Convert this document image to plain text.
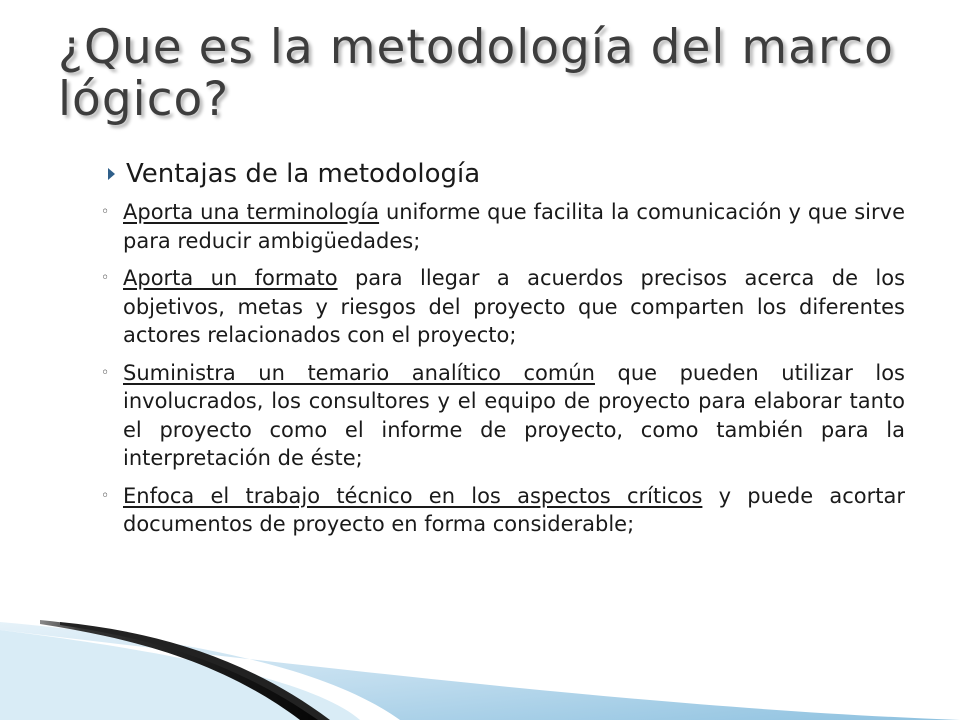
¿Que es la metodología del marco lógico?
Ventajas de la metodología
◦ Aporta una terminología uniforme que facilita la comunicación y que sirve para reducir ambigüedades;
◦ Aporta un formato para llegar a acuerdos precisos acerca de los objetivos, metas y riesgos del proyecto que comparten los diferentes actores relacionados con el proyecto;
◦ Suministra un temario analítico común que pueden utilizar los involucrados, los consultores y el equipo de proyecto para elaborar tanto el proyecto como el informe de proyecto, como también para la interpretación de éste;
◦ Enfoca el trabajo técnico en los aspectos críticos y puede acortar documentos de proyecto en forma considerable;
